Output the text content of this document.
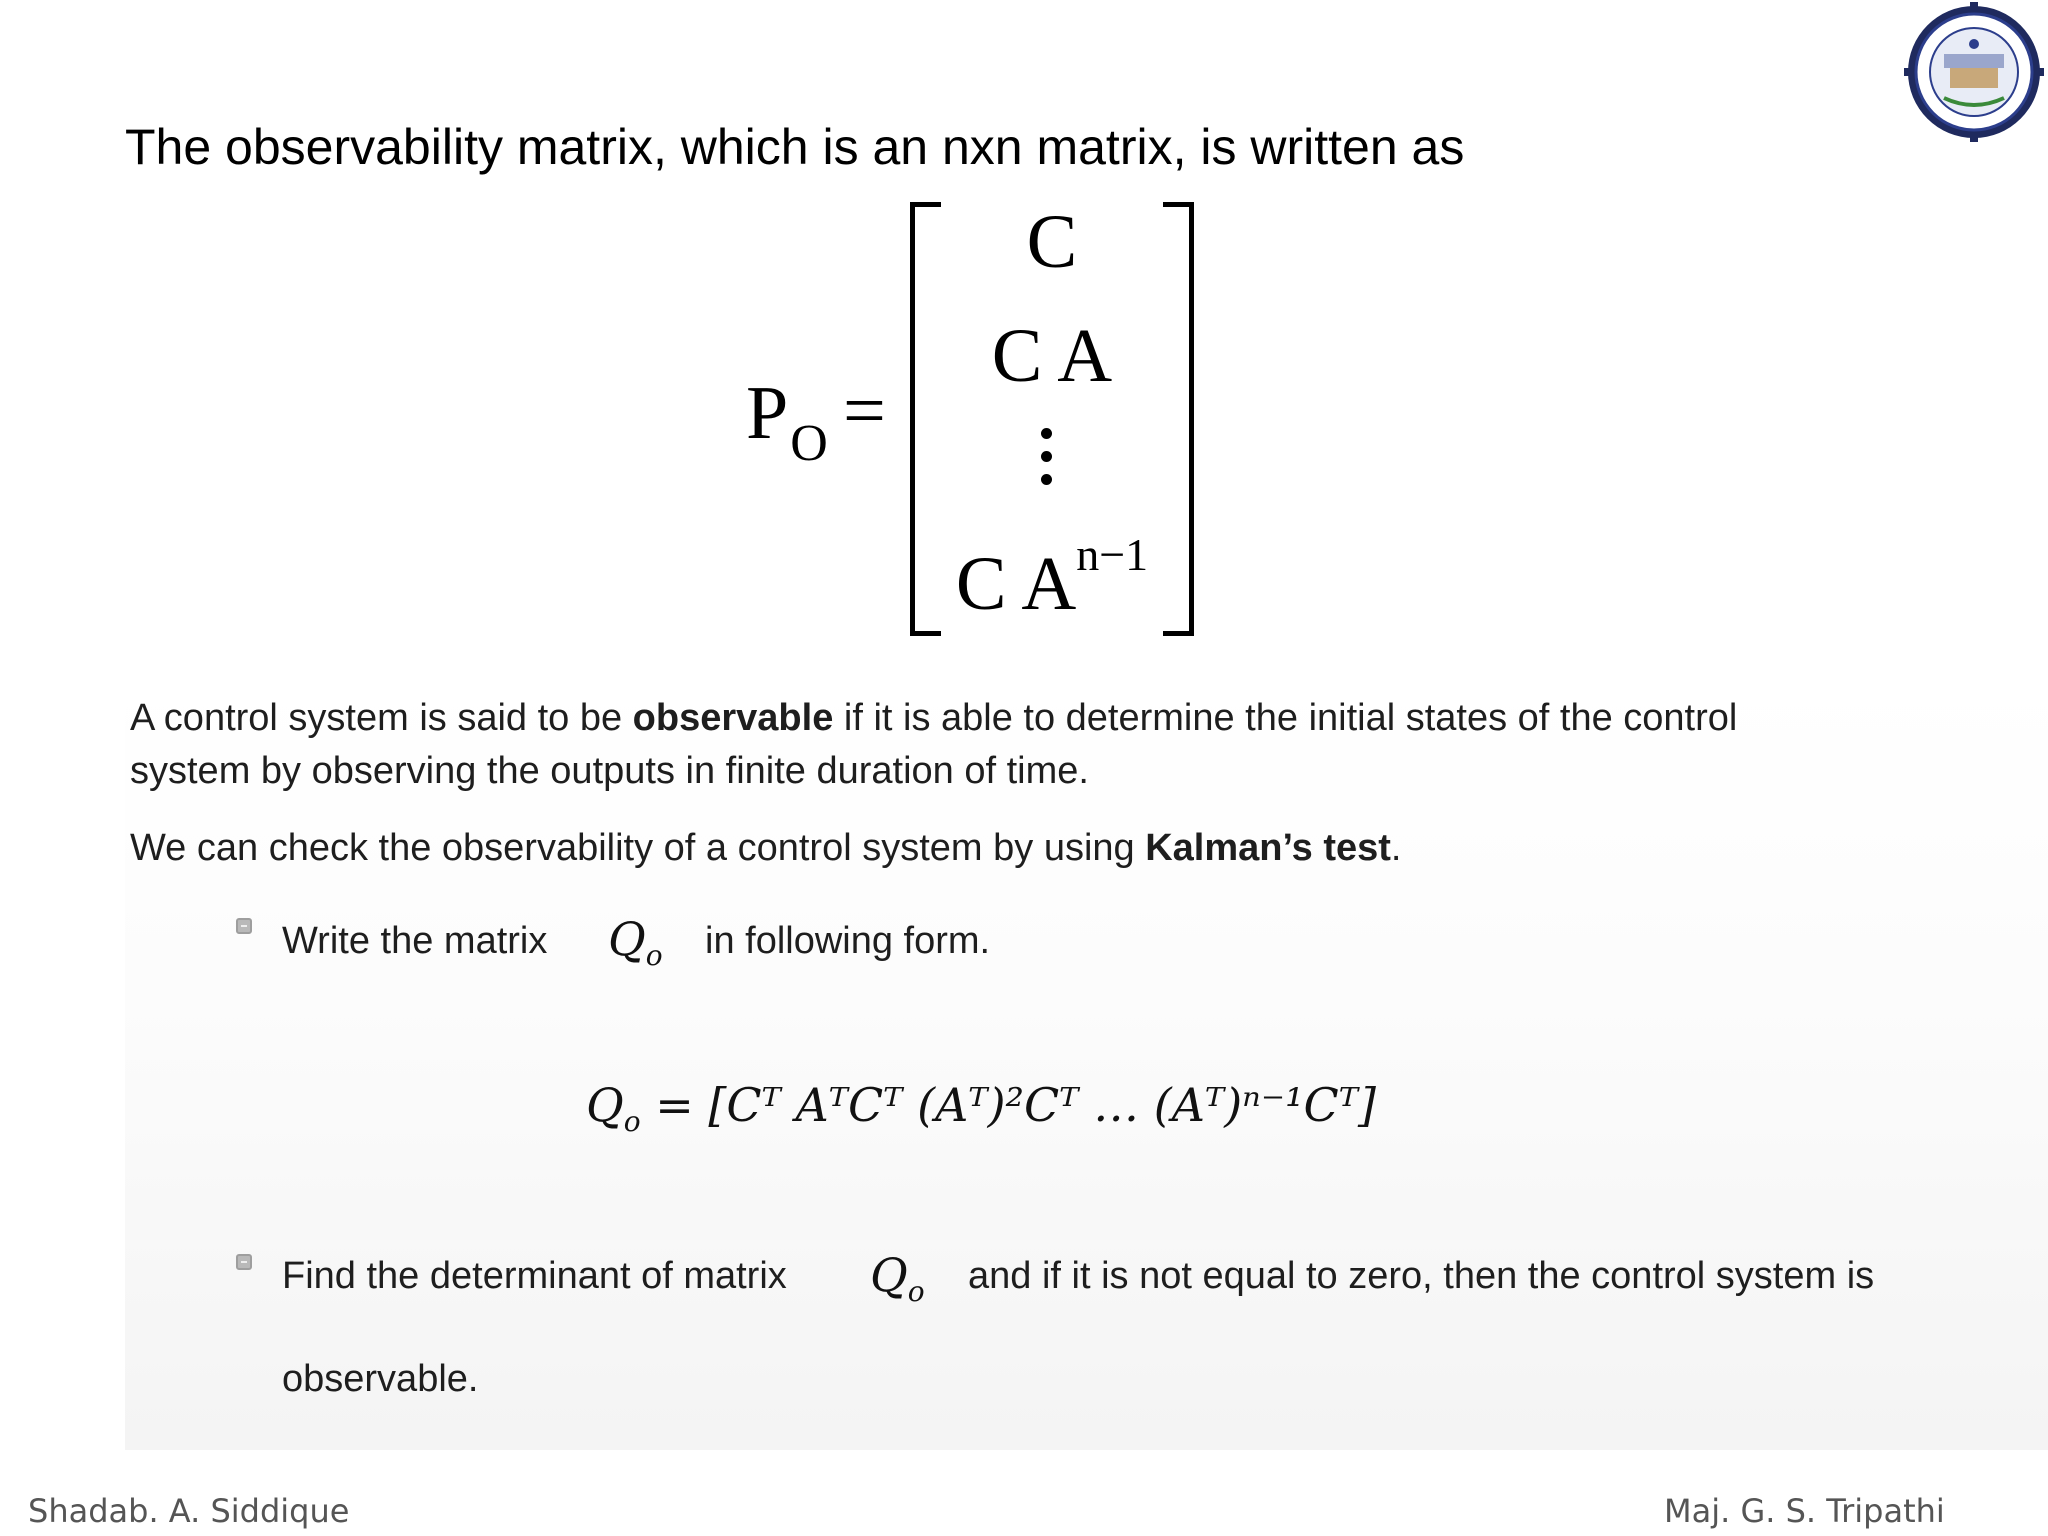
The observability matrix, which is an nxn matrix, is written as
$P_O$ =
C
C A
C $A^{n-1}$
A control system is said to be observable if it is able to determine the initial states of the control
system by observing the outputs in finite duration of time.
We can check the observability of a control system by using Kalman’s test.
Write the matrix $Q_o$ in following form.
$Q_o$ = [Cᵀ AᵀCᵀ (Aᵀ)²Cᵀ … (Aᵀ)ⁿ⁻¹Cᵀ]
Find the determinant of matrix $Q_o$ and if it is not equal to zero, then the control system is
observable.
Shadab. A. Siddique	Maj. G. S. Tripathi
